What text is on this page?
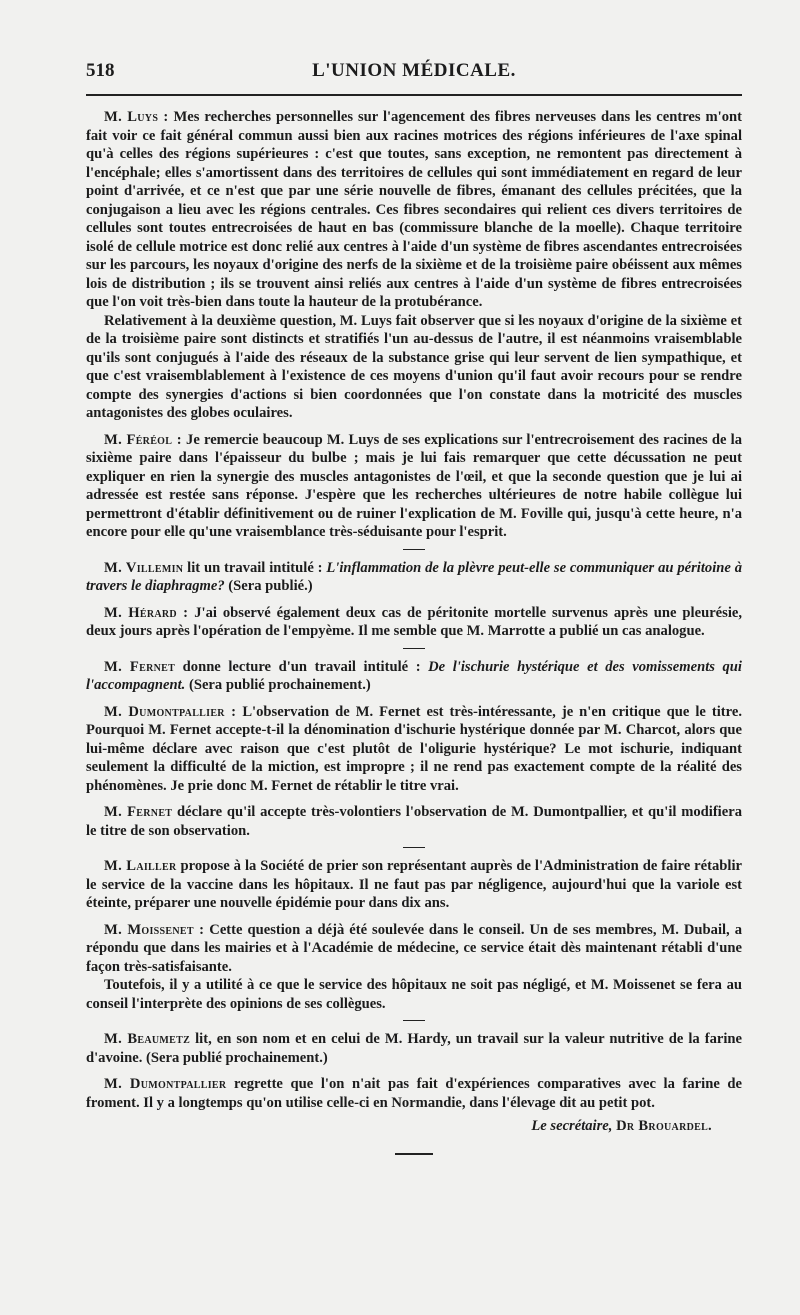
518	L'UNION MÉDICALE.

M. Luys : Mes recherches personnelles sur l'agencement des fibres nerveuses dans les centres m'ont fait voir ce fait général commun aussi bien aux racines motrices des régions inférieures de l'axe spinal qu'à celles des régions supérieures : c'est que toutes, sans exception, ne remontent pas directement à l'encéphale; elles s'amortissent dans des territoires de cellules qui sont immédiatement en regard de leur point d'arrivée, et ce n'est que par une série nouvelle de fibres, émanant des cellules précitées, que la conjugaison a lieu avec les régions centrales. Ces fibres secondaires qui relient ces divers territoires de cellules sont toutes entrecroisées de haut en bas (commissure blanche de la moelle). Chaque territoire isolé de cellule motrice est donc relié aux centres à l'aide d'un système de fibres ascendantes entrecroisées sur les parcours, les noyaux d'origine des nerfs de la sixième et de la troisième paire obéissent aux mêmes lois de distribution ; ils se trouvent ainsi reliés aux centres à l'aide d'un système de fibres entrecroisées que l'on voit très-bien dans toute la hauteur de la protubérance.

Relativement à la deuxième question, M. Luys fait observer que si les noyaux d'origine de la sixième et de la troisième paire sont distincts et stratifiés l'un au-dessus de l'autre, il est néanmoins vraisemblable qu'ils sont conjugués à l'aide des réseaux de la substance grise qui leur servent de lien sympathique, et que c'est vraisemblablement à l'existence de ces moyens d'union qu'il faut avoir recours pour se rendre compte des synergies d'actions si bien coordonnées que l'on constate dans la motricité des muscles antagonistes des globes oculaires.

M. Féréol : Je remercie beaucoup M. Luys de ses explications sur l'entrecroisement des racines de la sixième paire dans l'épaisseur du bulbe ; mais je lui fais remarquer que cette décussation ne peut expliquer en rien la synergie des muscles antagonistes de l'œil, et que la seconde question que je lui ai adressée est restée sans réponse. J'espère que les recherches ultérieures de notre habile collègue lui permettront d'établir définitivement ou de ruiner l'explication de M. Foville qui, jusqu'à cette heure, n'a encore pour elle qu'une vraisemblance très-séduisante pour l'esprit.

M. Villemin lit un travail intitulé : L'inflammation de la plèvre peut-elle se communiquer au péritoine à travers le diaphragme? (Sera publié.)

M. Hérard : J'ai observé également deux cas de péritonite mortelle survenus après une pleurésie, deux jours après l'opération de l'empyème. Il me semble que M. Marrotte a publié un cas analogue.

M. Fernet donne lecture d'un travail intitulé : De l'ischurie hystérique et des vomissements qui l'accompagnent. (Sera publié prochainement.)

M. Dumontpallier : L'observation de M. Fernet est très-intéressante, je n'en critique que le titre. Pourquoi M. Fernet accepte-t-il la dénomination d'ischurie hystérique donnée par M. Charcot, alors que lui-même déclare avec raison que c'est plutôt de l'oligurie hystérique? Le mot ischurie, indiquant seulement la difficulté de la miction, est impropre ; il ne rend pas exactement compte de la réalité des phénomènes. Je prie donc M. Fernet de rétablir le titre vrai.

M. Fernet déclare qu'il accepte très-volontiers l'observation de M. Dumontpallier, et qu'il modifiera le titre de son observation.

M. Lailler propose à la Société de prier son représentant auprès de l'Administration de faire rétablir le service de la vaccine dans les hôpitaux. Il ne faut pas par négligence, aujourd'hui que la variole est éteinte, préparer une nouvelle épidémie pour dans dix ans.

M. Moissenet : Cette question a déjà été soulevée dans le conseil. Un de ses membres, M. Dubail, a répondu que dans les mairies et à l'Académie de médecine, ce service était dès maintenant rétabli d'une façon très-satisfaisante.

Toutefois, il y a utilité à ce que le service des hôpitaux ne soit pas négligé, et M. Moissenet se fera au conseil l'interprète des opinions de ses collègues.

M. Beaumetz lit, en son nom et en celui de M. Hardy, un travail sur la valeur nutritive de la farine d'avoine. (Sera publié prochainement.)

M. Dumontpallier regrette que l'on n'ait pas fait d'expériences comparatives avec la farine de froment. Il y a longtemps qu'on utilise celle-ci en Normandie, dans l'élevage dit au petit pot.

Le secrétaire, Dr Brouardel.
